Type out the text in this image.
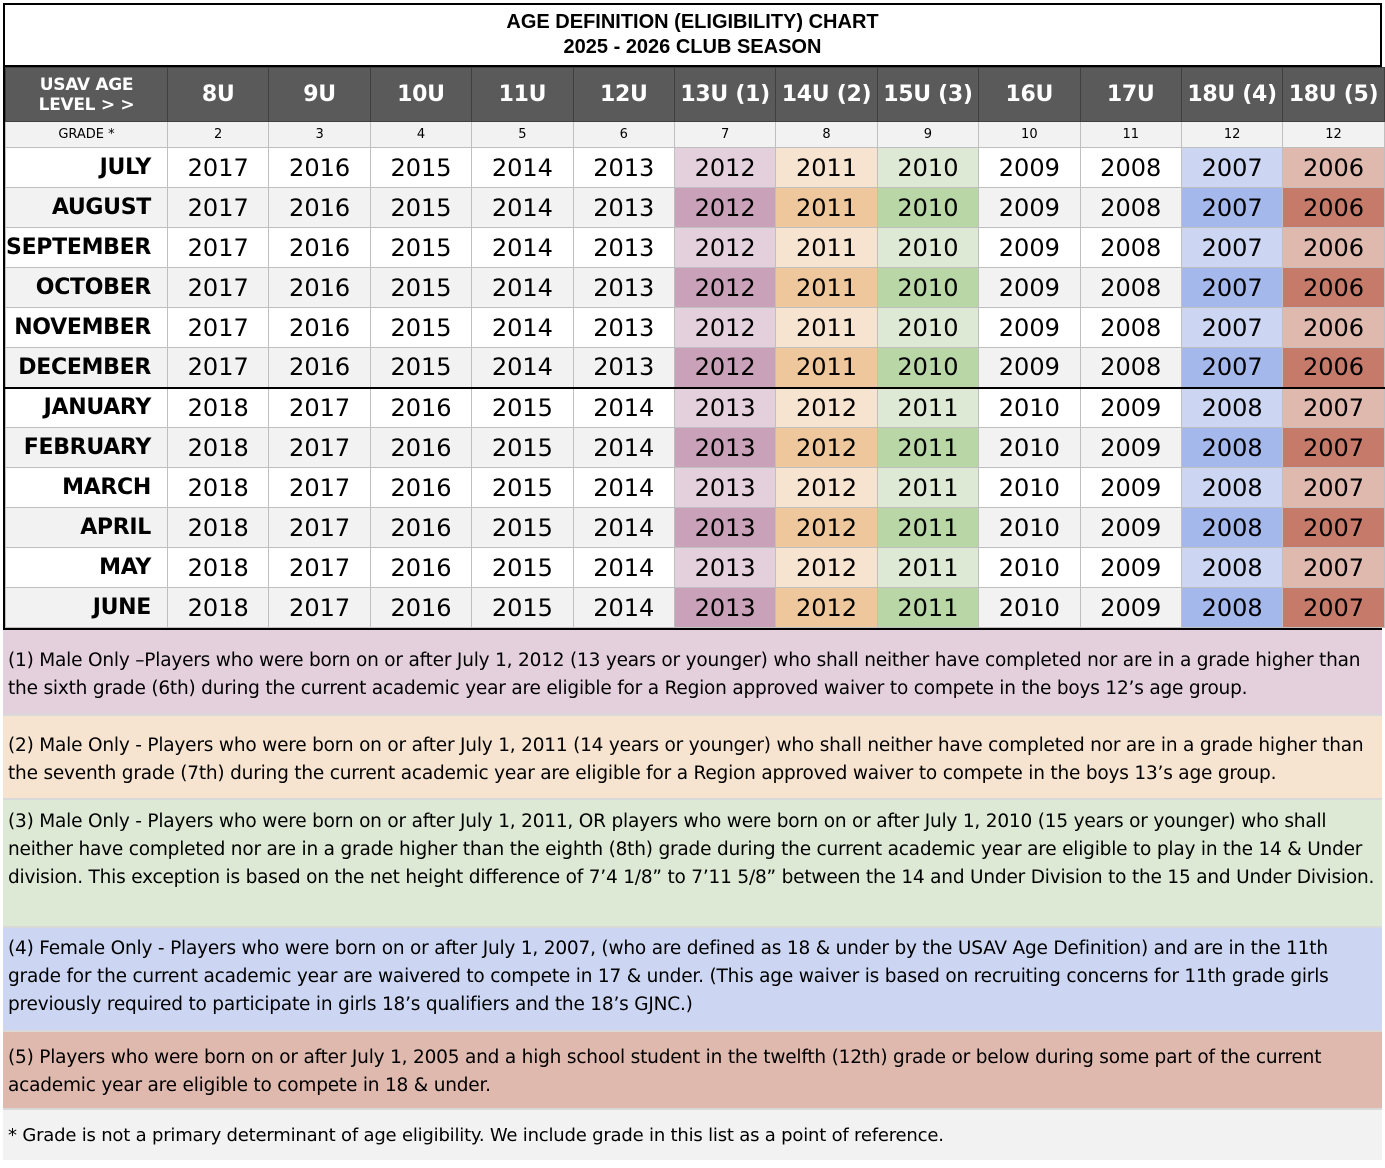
AGE DEFINITION (ELIGIBILITY) CHART
2025 - 2026 CLUB SEASON
USAV AGE
LEVEL > >	8U	9U	10U	11U	12U	13U (1)	14U (2)	15U (3)	16U	17U	18U (4)	18U (5)
GRADE *	2	3	4	5	6	7	8	9	10	11	12	12
JULY	2017	2016	2015	2014	2013	2012	2011	2010	2009	2008	2007	2006
AUGUST	2017	2016	2015	2014	2013	2012	2011	2010	2009	2008	2007	2006
SEPTEMBER	2017	2016	2015	2014	2013	2012	2011	2010	2009	2008	2007	2006
OCTOBER	2017	2016	2015	2014	2013	2012	2011	2010	2009	2008	2007	2006
NOVEMBER	2017	2016	2015	2014	2013	2012	2011	2010	2009	2008	2007	2006
DECEMBER	2017	2016	2015	2014	2013	2012	2011	2010	2009	2008	2007	2006
JANUARY	2018	2017	2016	2015	2014	2013	2012	2011	2010	2009	2008	2007
FEBRUARY	2018	2017	2016	2015	2014	2013	2012	2011	2010	2009	2008	2007
MARCH	2018	2017	2016	2015	2014	2013	2012	2011	2010	2009	2008	2007
APRIL	2018	2017	2016	2015	2014	2013	2012	2011	2010	2009	2008	2007
MAY	2018	2017	2016	2015	2014	2013	2012	2011	2010	2009	2008	2007
JUNE	2018	2017	2016	2015	2014	2013	2012	2011	2010	2009	2008	2007
(1) Male Only –Players who were born on or after July 1, 2012 (13 years or younger) who shall neither have completed nor are in a grade higher than the sixth grade (6th) during the current academic year are eligible for a Region approved waiver to compete in the boys 12’s age group.
(2) Male Only - Players who were born on or after July 1, 2011 (14 years or younger) who shall neither have completed nor are in a grade higher than the seventh grade (7th) during the current academic year are eligible for a Region approved waiver to compete in the boys 13’s age group.
(3) Male Only - Players who were born on or after July 1, 2011, OR players who were born on or after July 1, 2010 (15 years or younger) who shall neither have completed nor are in a grade higher than the eighth (8th) grade during the current academic year are eligible to play in the 14 & Under division. This exception is based on the net height difference of 7’4 1/8” to 7’11 5/8” between the 14 and Under Division to the 15 and Under Division.
(4) Female Only - Players who were born on or after July 1, 2007, (who are defined as 18 & under by the USAV Age Definition) and are in the 11th grade for the current academic year are waivered to compete in 17 & under. (This age waiver is based on recruiting concerns for 11th grade girls previously required to participate in girls 18’s qualifiers and the 18’s GJNC.)
(5) Players who were born on or after July 1, 2005 and a high school student in the twelfth (12th) grade or below during some part of the current academic year are eligible to compete in 18 & under.
* Grade is not a primary determinant of age eligibility. We include grade in this list as a point of reference.
